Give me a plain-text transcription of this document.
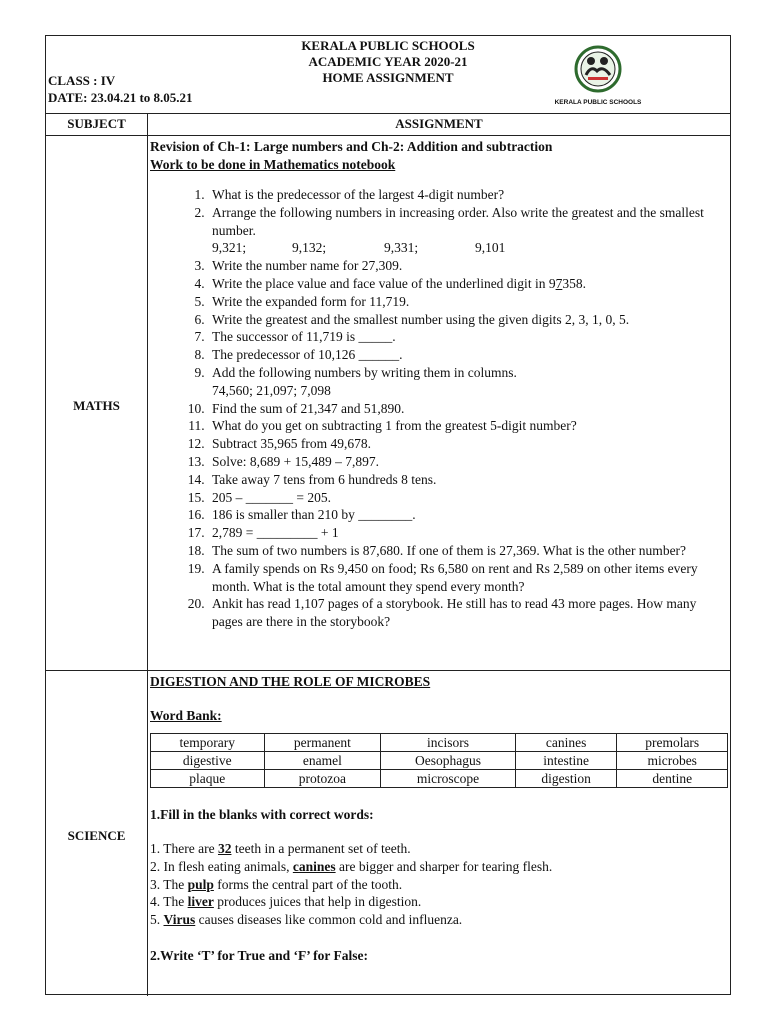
KERALA PUBLIC SCHOOLS
ACADEMIC YEAR 2020-21
HOME ASSIGNMENT
CLASS : IV
DATE: 23.04.21 to 8.05.21	KERALA PUBLIC SCHOOLS
SUBJECT	ASSIGNMENT
MATHS
Revision of Ch-1: Large numbers and Ch-2: Addition and subtraction
Work to be done in Mathematics notebook
1. What is the predecessor of the largest 4-digit number?
2. Arrange the following numbers in increasing order. Also write the greatest and the smallest number.
9,321;	9,132;	9,331;	9,101
3. Write the number name for 27,309.
4. Write the place value and face value of the underlined digit in 97358.
5. Write the expanded form for 11,719.
6. Write the greatest and the smallest number using the given digits 2, 3, 1, 0, 5.
7. The successor of 11,719 is _____.
8. The predecessor of 10,126 ______.
9. Add the following numbers by writing them in columns.
74,560; 21,097; 7,098
10. Find the sum of 21,347 and 51,890.
11. What do you get on subtracting 1 from the greatest 5-digit number?
12. Subtract 35,965 from 49,678.
13. Solve: 8,689 + 15,489 – 7,897.
14. Take away 7 tens from 6 hundreds 8 tens.
15. 205 – _______ = 205.
16. 186 is smaller than 210 by ________.
17. 2,789 = _________ + 1
18. The sum of two numbers is 87,680. If one of them is 27,369. What is the other number?
19. A family spends on Rs 9,450 on food; Rs 6,580 on rent and Rs 2,589 on other items every month. What is the total amount they spend every month?
20. Ankit has read 1,107 pages of a storybook. He still has to read 43 more pages. How many pages are there in the storybook?
SCIENCE
DIGESTION AND THE ROLE OF MICROBES
Word Bank:
temporary	permanent	incisors	canines	premolars
digestive	enamel	Oesophagus	intestine	microbes
plaque	protozoa	microscope	digestion	dentine
1.Fill in the blanks with correct words:
1. There are 32 teeth in a permanent set of teeth.
2. In flesh eating animals, canines are bigger and sharper for tearing flesh.
3. The pulp forms the central part of the tooth.
4. The liver produces juices that help in digestion.
5. Virus causes diseases like common cold and influenza.
2.Write ‘T’ for True and ‘F’ for False:
